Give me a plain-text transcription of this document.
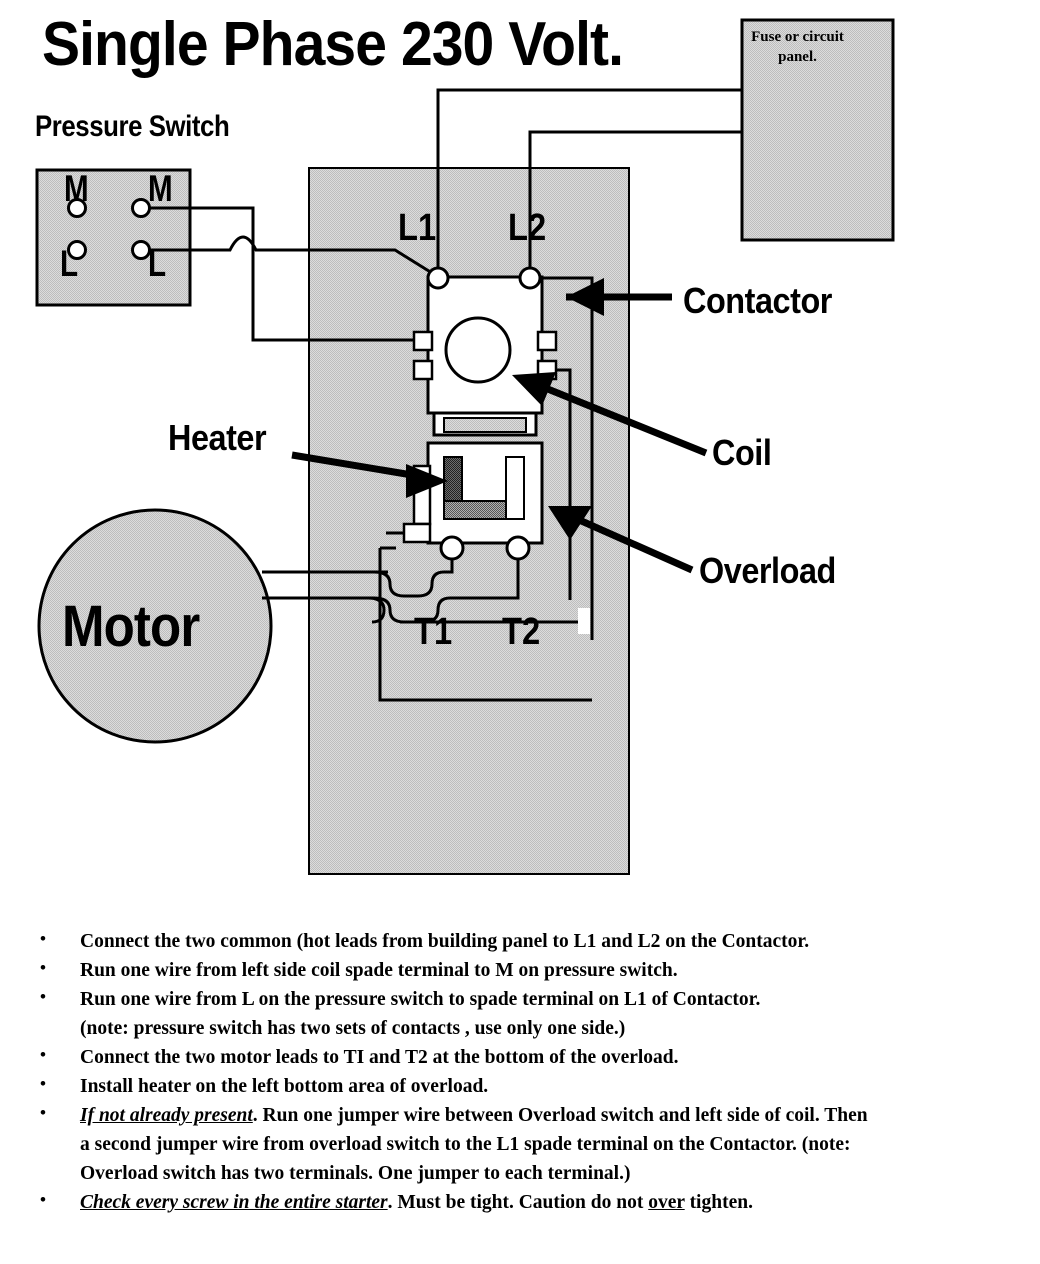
Single Phase 230 Volt.
Pressure Switch
Fuse or circuit panel.
M M
L L
L1 L2
T1 T2
Contactor
Coil
Overload
Heater
Motor
• Connect the two common (hot leads from building panel to L1 and L2 on the Contactor.
• Run one wire from left side coil spade terminal to M on pressure switch.
• Run one wire from L on the pressure switch to spade terminal on L1 of Contactor.
(note: pressure switch has two sets of contacts , use only one side.)
• Connect the two motor leads to TI and T2 at the bottom of the overload.
• Install heater on the left bottom area of overload.
• If not already present. Run one jumper wire between Overload switch and left side of coil. Then
a second jumper wire from overload switch to the L1 spade terminal on the Contactor. (note:
Overload switch has two terminals. One jumper to each terminal.)
• Check every screw in the entire starter. Must be tight. Caution do not over tighten.
